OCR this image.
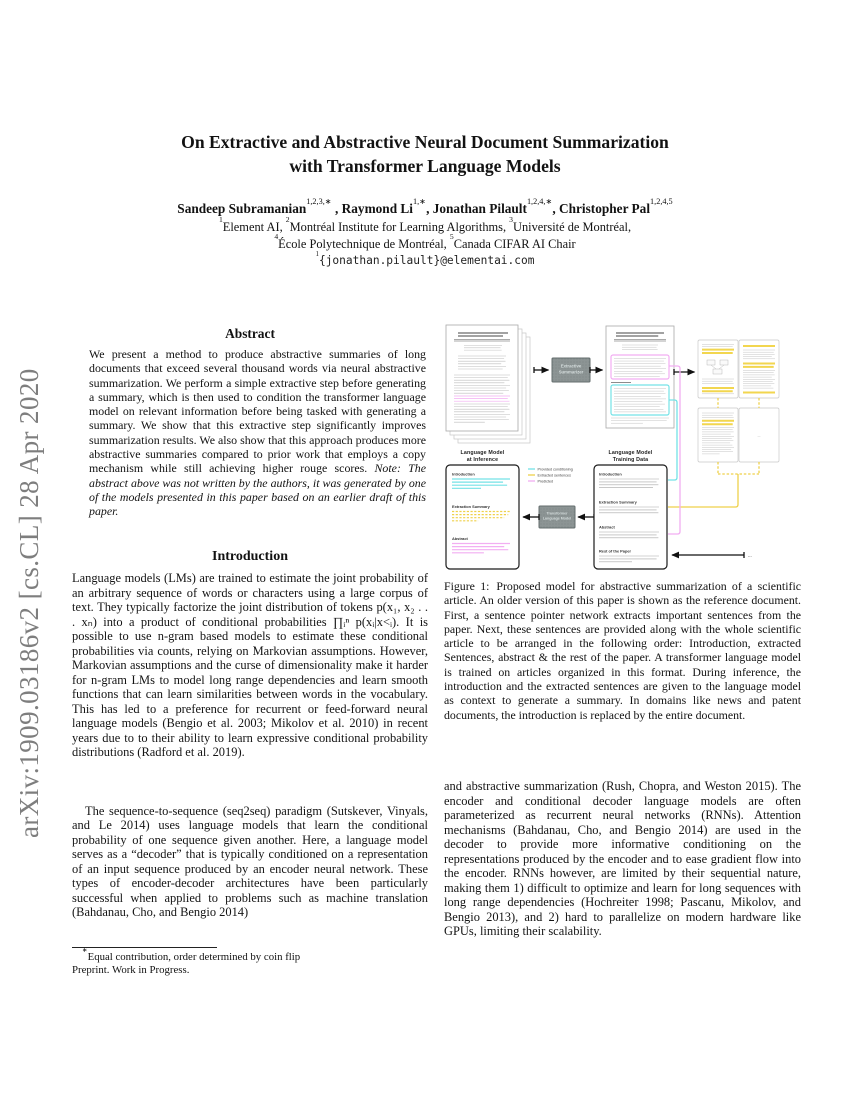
arXiv:1909.03186v2 [cs.CL] 28 Apr 2020
On Extractive and Abstractive Neural Document Summarization
with Transformer Language Models
Sandeep Subramanian$^{1,2,3,∗}$ , Raymond $Li^{1,∗}$, Jonathan Pilault$^{1,2,4,∗}$, Christopher Pal$^{1,2,4,5}$
$^1$Element AI, $^2$Montréal Institute for Learning Algorithms, $^3$Université de Montréal,
$^4$École Polytechnique de Montréal, $^5$Canada CIFAR AI Chair
$^1${jonathan.pilault}@elementai.com
Abstract
We present a method to produce abstractive summaries of long documents that exceed several thousand words via neural abstractive summarization. We perform a simple extractive step before generating a summary, which is then used to condition the transformer language model on relevant information before being tasked with generating a summary. We show that this extractive step significantly improves summarization results. We also show that this approach produces more abstractive summaries compared to prior work that employs a copy mechanism while still achieving higher rouge scores. Note: The abstract above was not written by the authors, it was generated by one of the models presented in this paper based on an earlier draft of this paper.
Introduction
Language models (LMs) are trained to estimate the joint probability of an arbitrary sequence of words or characters using a large corpus of text. They typically factorize the joint distribution of tokens p(x₁, x₂ . . . xₙ) into a product of conditional probabilities ∏ᵢⁿ p(xᵢ|x<ᵢ). It is possible to use n-gram based models to estimate these conditional probabilities via counts, relying on Markovian assumptions. However, Markovian assumptions and the curse of dimensionality make it harder for n-gram LMs to model long range dependencies and learn smooth functions that can learn similarities between words in the vocabulary. This has led to a preference for recurrent or feed-forward neural language models (Bengio et al. 2003; Mikolov et al. 2010) in recent years due to to their ability to learn expressive conditional probability distributions (Radford et al. 2019).
The sequence-to-sequence (seq2seq) paradigm (Sutskever, Vinyals, and Le 2014) uses language models that learn the conditional probability of one sequence given another. Here, a language model serves as a “decoder” that is typically conditioned on a representation of an input sequence produced by an encoder neural network. These types of encoder-decoder architectures have been particularly successful when applied to problems such as machine translation (Bahdanau, Cho, and Bengio 2014)
∗Equal contribution, order determined by coin flip
Preprint. Work in Progress.
Extractive
Summarizer
...
Language Model
at Inference
Introduction
Extraction Summary
Abstract
Provided conditioning
Extracted sentences
Predicted
Transformer
Language Model
Language Model
Training Data
Introduction
Extraction Summary
Abstract
Rest of the Paper
...
Figure 1: Proposed model for abstractive summarization of a scientific article. An older version of this paper is shown as the reference document. First, a sentence pointer network extracts important sentences from the paper. Next, these sentences are provided along with the whole scientific article to be arranged in the following order: Introduction, extracted Sentences, abstract & the rest of the paper. A transformer language model is trained on articles organized in this format. During inference, the introduction and the extracted sentences are given to the language model as context to generate a summary. In domains like news and patent documents, the introduction is replaced by the entire document.
and abstractive summarization (Rush, Chopra, and Weston 2015). The encoder and conditional decoder language models are often parameterized as recurrent neural networks (RNNs). Attention mechanisms (Bahdanau, Cho, and Bengio 2014) are used in the decoder to provide more informative conditioning on the representations produced by the encoder and to ease gradient flow into the encoder. RNNs however, are limited by their sequential nature, making them 1) difficult to optimize and learn for long sequences with long range dependencies (Hochreiter 1998; Pascanu, Mikolov, and Bengio 2013), and 2) hard to parallelize on modern hardware like GPUs, limiting their scalability.
